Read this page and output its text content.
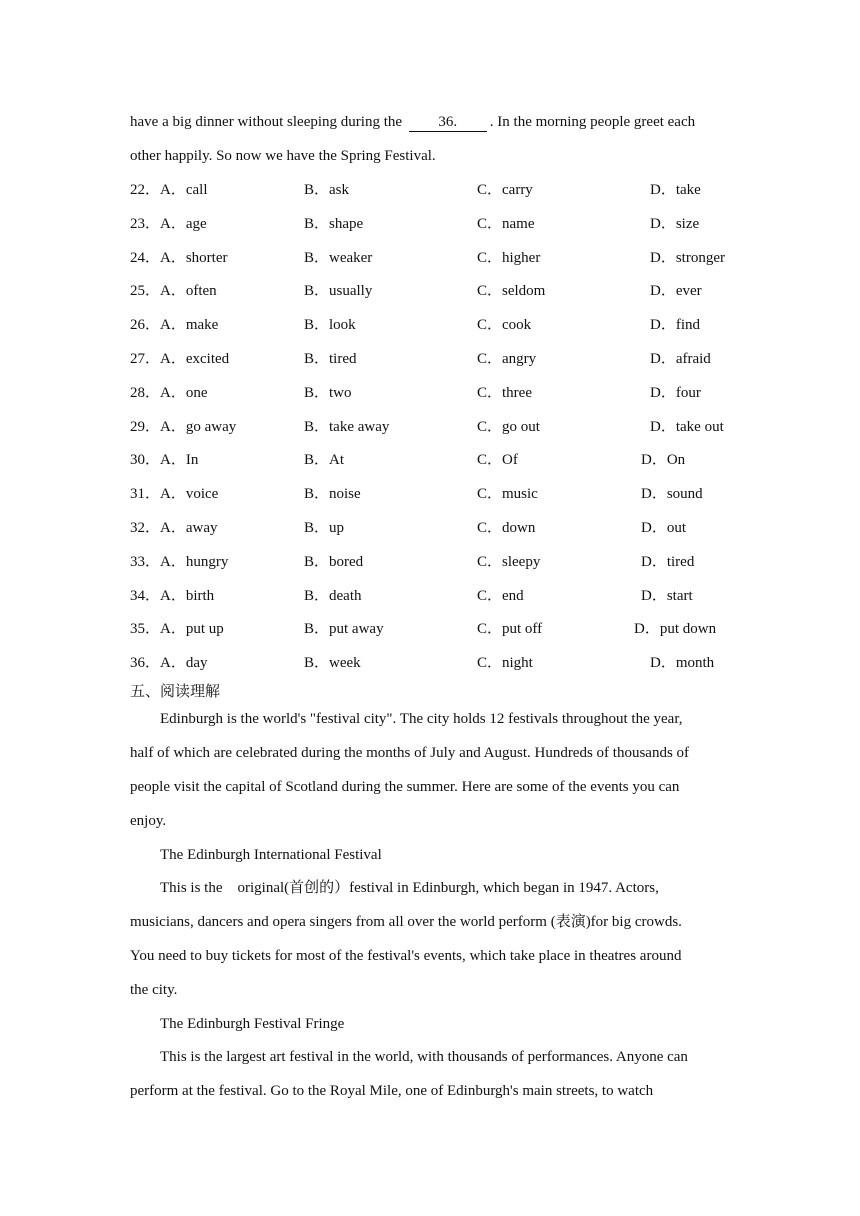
have a big dinner without sleeping during the 36. . In the morning people greet each
other happily. So now we have the Spring Festival.
22． A．call	B．ask	C．carry	D．take
23． A．age	B．shape	C．name	D．size
24． A．shorter	B．weaker	C．higher	D．stronger
25． A．often	B．usually	C．seldom	D．ever
26． A．make	B．look	C．cook	D．find
27． A．excited	B．tired	C．angry	D．afraid
28． A．one	B．two	C．three	D．four
29． A．go away	B．take away	C．go out	D．take out
30． A．In	B．At	C．Of	D．On
31． A．voice	B．noise	C．music	D．sound
32． A．away	B．up	C．down	D．out
33． A．hungry	B．bored	C．sleepy	D．tired
34． A．birth	B．death	C．end	D．start
35． A．put up	B．put away	C．put off	D．put down
36． A．day	B．week	C．night	D．month
五、阅读理解
Edinburgh is the world's "festival city". The city holds 12 festivals throughout the year,
half of which are celebrated during the months of July and August. Hundreds of thousands of
people visit the capital of Scotland during the summer. Here are some of the events you can
enjoy.
The Edinburgh International Festival
This is the　original(首创的）festival in Edinburgh, which began in 1947. Actors,
musicians, dancers and opera singers from all over the world perform (表演)for big crowds.
You need to buy tickets for most of the festival's events, which take place in theatres around
the city.
The Edinburgh Festival Fringe
This is the largest art festival in the world, with thousands of performances. Anyone can
perform at the festival. Go to the Royal Mile, one of Edinburgh's main streets, to watch
